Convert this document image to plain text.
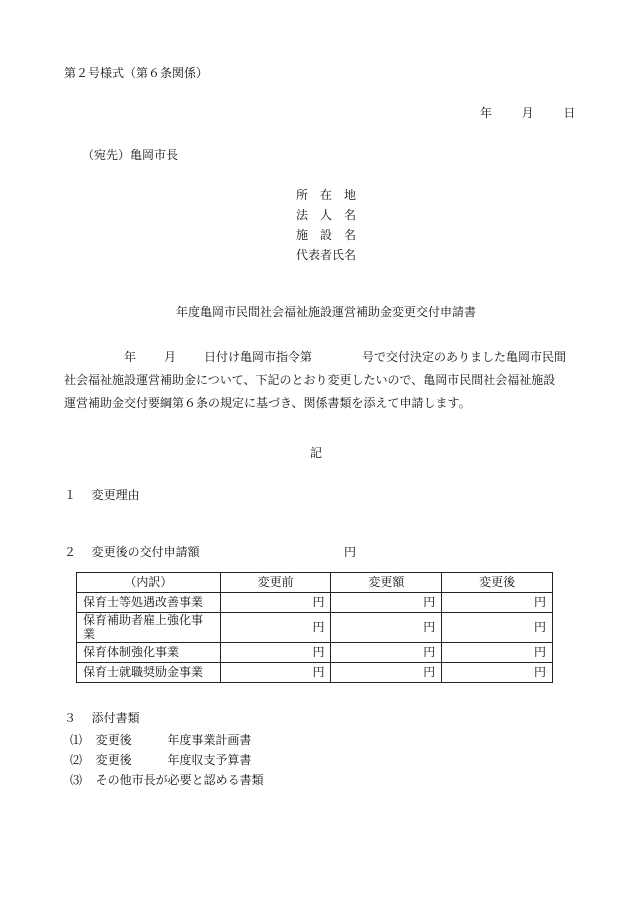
第２号様式（第６条関係）
年 月 日
（宛先）亀岡市長
所在地
法人名
施設名
代表者氏名
年度亀岡市民間社会福祉施設運営補助金変更交付申請書
年 月 日付け亀岡市指令第	号で交付決定のありました亀岡市民間
社会福祉施設運営補助金について、下記のとおり変更したいので、亀岡市民間社会福祉施設
運営補助金交付要綱第６条の規定に基づき、関係書類を添えて申請します。
記
１ 変更理由
２ 変更後の交付申請額	円
（内訳）	変更前	変更額	変更後
保育士等処遇改善事業	円	円	円
保育補助者雇上強化事業	円	円	円
保育体制強化事業	円	円	円
保育士就職奨励金事業	円	円	円
３ 添付書類
⑴ 変更後	年度事業計画書
⑵ 変更後	年度収支予算書
⑶ その他市長が必要と認める書類
